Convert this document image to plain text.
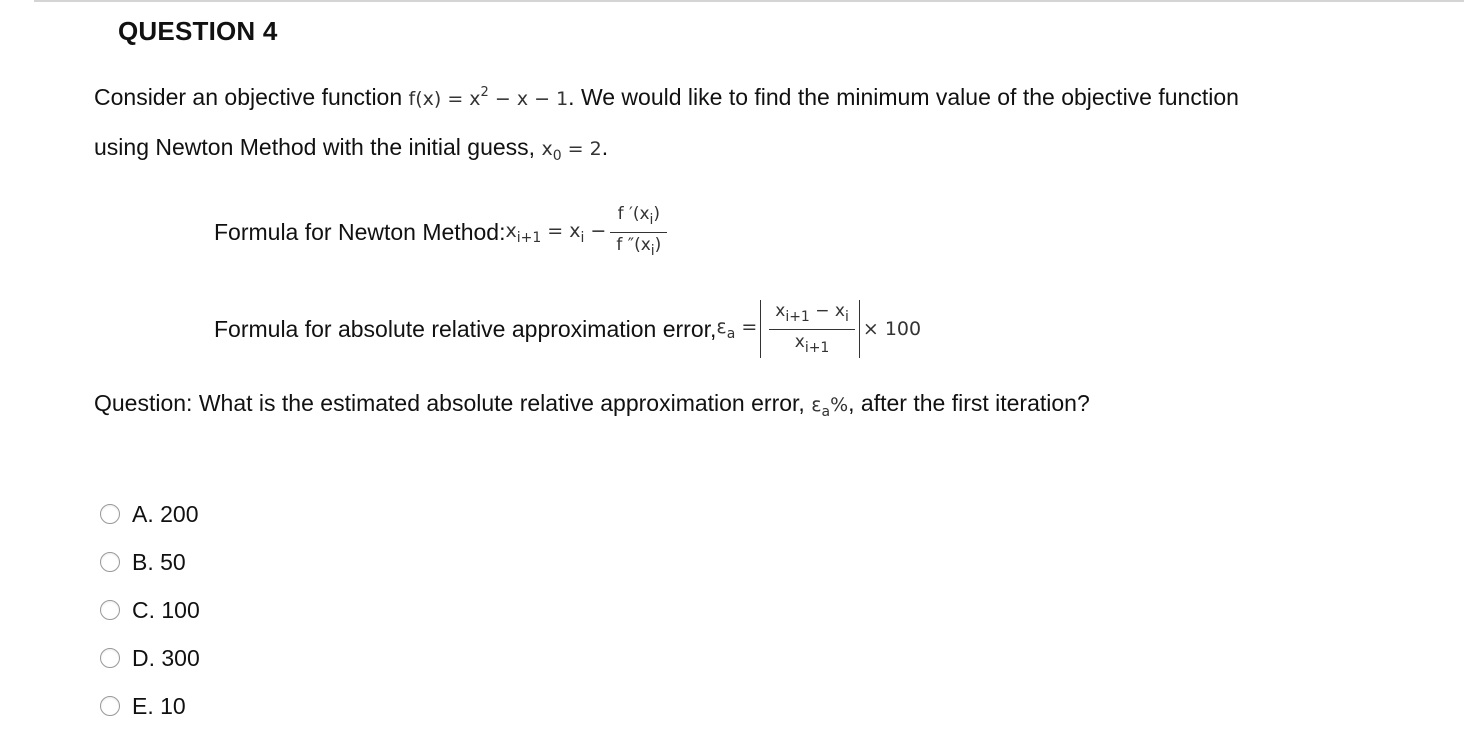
QUESTION 4
Consider an objective function $f(x) = x^2 - x - 1$. We would like to find the minimum value of the objective function
using Newton Method with the initial guess, $x_0 = 2$.
Formula for Newton Method: $x_{i+1} = x_i - \frac{f '(x_i)}{f ''(x_i)}$
Formula for absolute relative approximation error, $\varepsilon_a = \frac{x_{i+1} - x_i}{x_{i+1}} \times 100$
Question: What is the estimated absolute relative approximation error, $\varepsilon_a\%$, after the first iteration?
A. 200
B. 50
C. 100
D. 300
E. 10
